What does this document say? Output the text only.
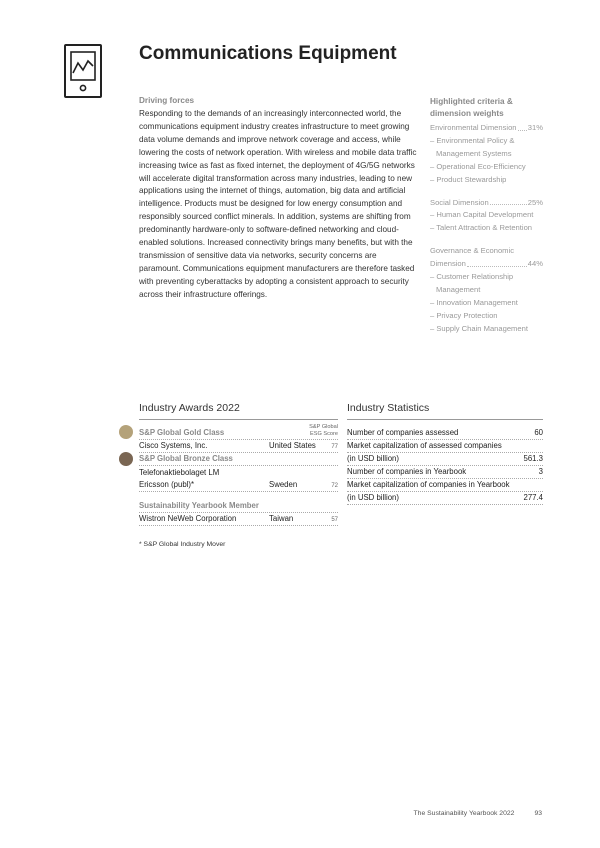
Communications Equipment
Driving forces

Responding to the demands of an increasingly interconnected world, the communications equipment industry creates infrastructure to meet growing data volume demands and improve network coverage and access, while lowering the costs of network operation. With wireless and mobile data traffic increasing twice as fast as fixed internet, the deployment of 4G/5G networks will accelerate digital transformation across many industries, leading to new applications using the internet of things, automation, big data and artificial intelligence. Products must be designed for low energy consumption and responsibly sourced conflict minerals. In addition, systems are shifting from predominantly hardware-only to software-defined networking and cloud-enabled solutions. Increased connectivity brings many benefits, but with the transmission of sensitive data via networks, security concerns are paramount. Communications equipment manufacturers are therefore tasked with preventing cyberattacks by adopting a consistent approach to security across their infrastructure offerings.

Highlighted criteria & dimension weights
Environmental Dimension 31%
– Environmental Policy & Management Systems
– Operational Eco-Efficiency
– Product Stewardship
Social Dimension	25%
– Human Capital Development
– Talent Attraction & Retention
Governance & Economic
Dimension	44%
– Customer Relationship Management
– Innovation Management
– Privacy Protection
– Supply Chain Management
Industry Awards 2022
S&P Global Gold Class
S&P Global
ESG Score
Cisco Systems, Inc.	United States	77
S&P Global Bronze Class
Telefonaktiebolaget LM
Ericsson (publ)*	Sweden	72
Sustainability Yearbook Member
Wistron NeWeb Corporation	Taiwan	57
Industry Statistics
Number of companies assessed	60
Market capitalization of assessed companies
(in USD billion)	561.3
Number of companies in Yearbook	3
Market capitalization of companies in Yearbook
(in USD billion)	277.4
* S&P Global Industry Mover
The Sustainability Yearbook 2022	93
